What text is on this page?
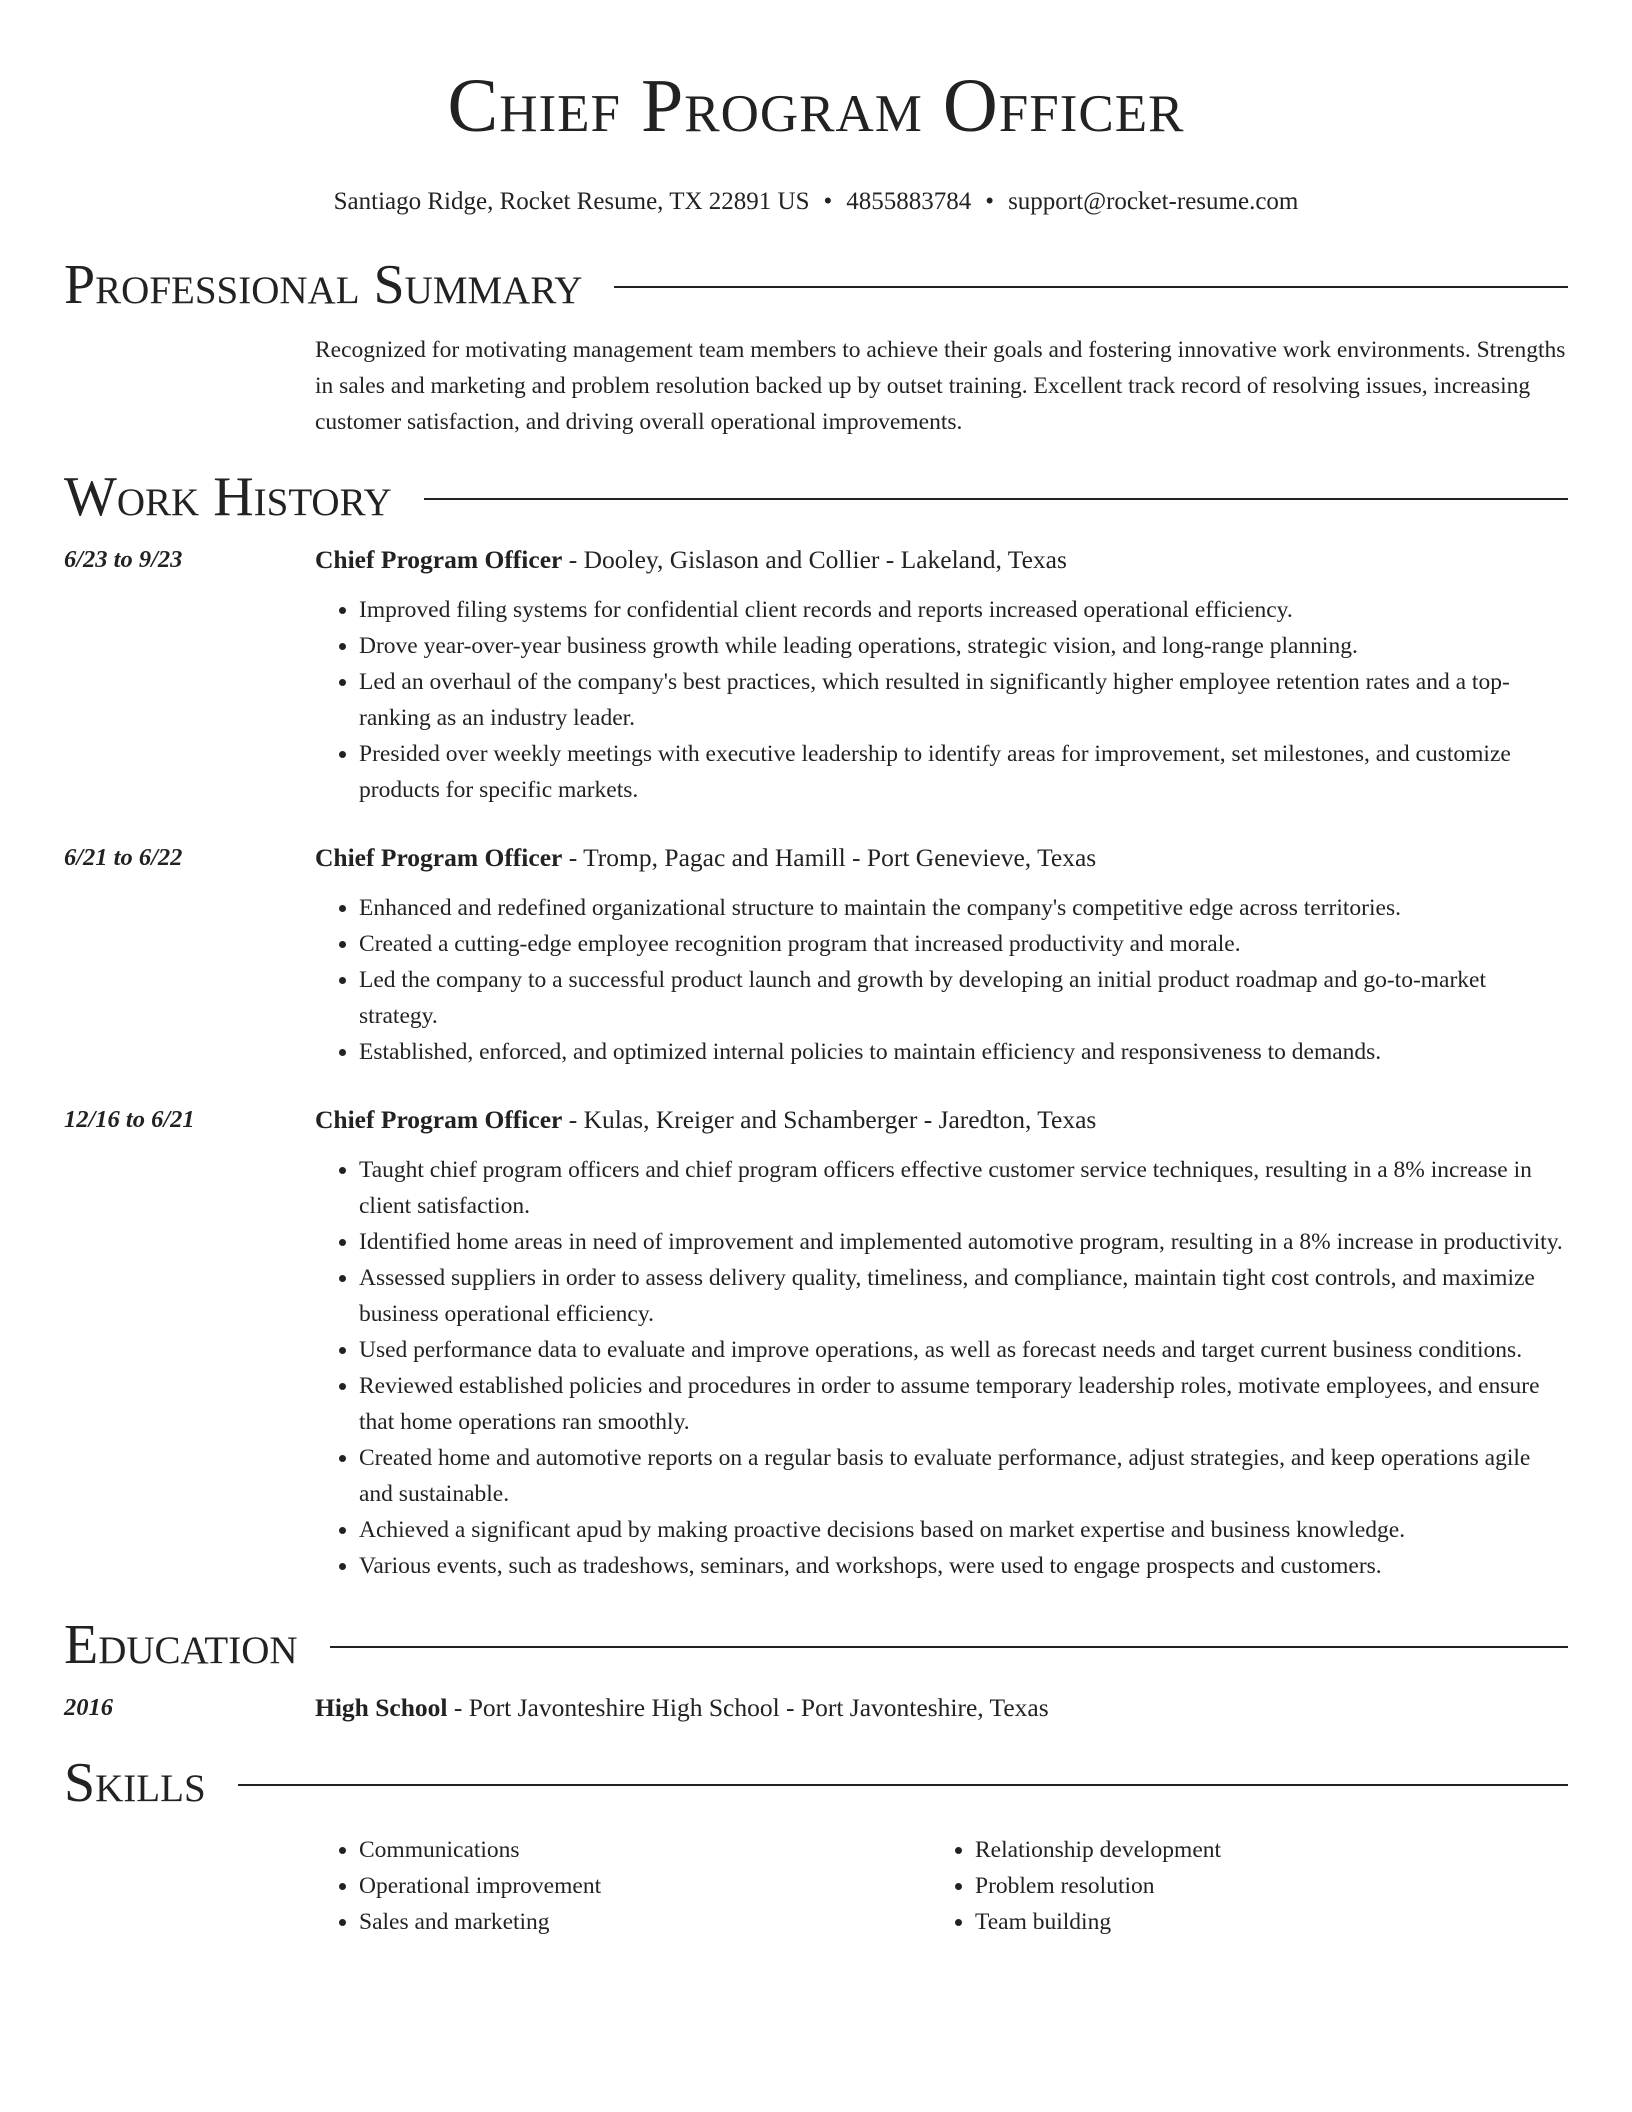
Chief Program Officer
Santiago Ridge, Rocket Resume, TX 22891 US • 4855883784 • support@rocket-resume.com
Professional Summary
Recognized for motivating management team members to achieve their goals and fostering innovative work environments. Strengths in sales and marketing and problem resolution backed up by outset training. Excellent track record of resolving issues, increasing customer satisfaction, and driving overall operational improvements.
Work History
6/23 to 9/23	Chief Program Officer - Dooley, Gislason and Collier - Lakeland, Texas
• Improved filing systems for confidential client records and reports increased operational efficiency.
• Drove year-over-year business growth while leading operations, strategic vision, and long-range planning.
• Led an overhaul of the company's best practices, which resulted in significantly higher employee retention rates and a top-ranking as an industry leader.
• Presided over weekly meetings with executive leadership to identify areas for improvement, set milestones, and customize products for specific markets.
6/21 to 6/22	Chief Program Officer - Tromp, Pagac and Hamill - Port Genevieve, Texas
• Enhanced and redefined organizational structure to maintain the company's competitive edge across territories.
• Created a cutting-edge employee recognition program that increased productivity and morale.
• Led the company to a successful product launch and growth by developing an initial product roadmap and go-to-market strategy.
• Established, enforced, and optimized internal policies to maintain efficiency and responsiveness to demands.
12/16 to 6/21	Chief Program Officer - Kulas, Kreiger and Schamberger - Jaredton, Texas
• Taught chief program officers and chief program officers effective customer service techniques, resulting in a 8% increase in client satisfaction.
• Identified home areas in need of improvement and implemented automotive program, resulting in a 8% increase in productivity.
• Assessed suppliers in order to assess delivery quality, timeliness, and compliance, maintain tight cost controls, and maximize business operational efficiency.
• Used performance data to evaluate and improve operations, as well as forecast needs and target current business conditions.
• Reviewed established policies and procedures in order to assume temporary leadership roles, motivate employees, and ensure that home operations ran smoothly.
• Created home and automotive reports on a regular basis to evaluate performance, adjust strategies, and keep operations agile and sustainable.
• Achieved a significant apud by making proactive decisions based on market expertise and business knowledge.
• Various events, such as tradeshows, seminars, and workshops, were used to engage prospects and customers.
Education
2016	High School - Port Javonteshire High School - Port Javonteshire, Texas
Skills
• Communications
• Operational improvement
• Sales and marketing
• Relationship development
• Problem resolution
• Team building
